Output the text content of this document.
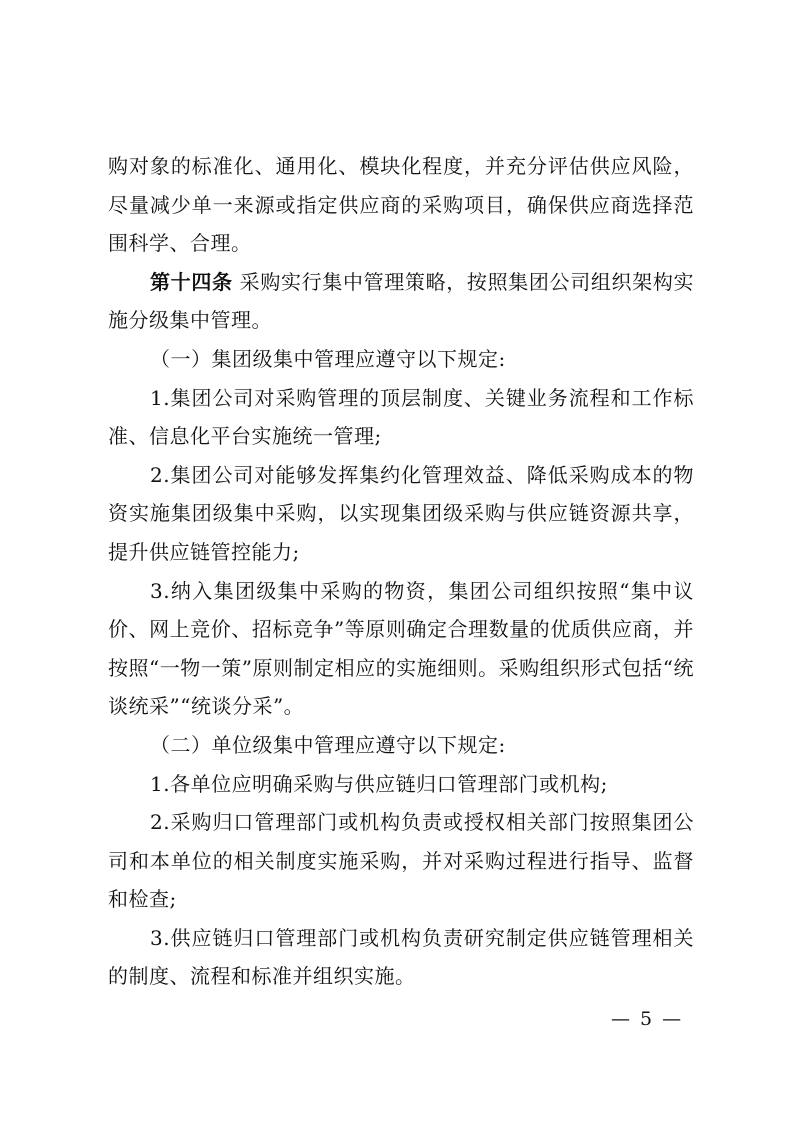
购对象的标准化、通用化、模块化程度，并充分评估供应风险，尽量减少单一来源或指定供应商的采购项目，确保供应商选择范围科学、合理。

第十四条 采购实行集中管理策略，按照集团公司组织架构实施分级集中管理。

（一）集团级集中管理应遵守以下规定:

1.集团公司对采购管理的顶层制度、关键业务流程和工作标准、信息化平台实施统一管理;

2.集团公司对能够发挥集约化管理效益、降低采购成本的物资实施集团级集中采购，以实现集团级采购与供应链资源共享，提升供应链管控能力;

3.纳入集团级集中采购的物资，集团公司组织按照“集中议价、网上竞价、招标竞争”等原则确定合理数量的优质供应商，并按照“一物一策”原则制定相应的实施细则。采购组织形式包括“统谈统采”“统谈分采”。

（二）单位级集中管理应遵守以下规定:

1.各单位应明确采购与供应链归口管理部门或机构;

2.采购归口管理部门或机构负责或授权相关部门按照集团公司和本单位的相关制度实施采购，并对采购过程进行指导、监督和检查;

3.供应链归口管理部门或机构负责研究制定供应链管理相关的制度、流程和标准并组织实施。

— 5 —
